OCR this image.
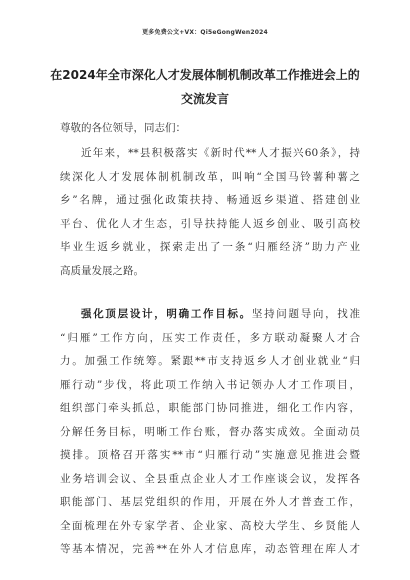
更多免费公文+VX：Qi5eGongWen2024
在2024年全市深化人才发展体制机制改革工作推进会上的
交流发言
尊敬的各位领导，同志们：
近年来，**县积极落实《新时代**人才振兴60条》，持
续深化人才发展体制机制改革，叫响“全国马铃薯种薯之
乡”名牌，通过强化政策扶持、畅通返乡渠道、搭建创业
平台、优化人才生态，引导扶持能人返乡创业、吸引高校
毕业生返乡就业，探索走出了一条“归雁经济”助力产业
高质量发展之路。
强化顶层设计，明确工作目标。坚持问题导向，找准
“归雁”工作方向，压实工作责任，多方联动凝聚人才合
力。加强工作统筹。紧跟**市支持返乡人才创业就业“归
雁行动”步伐，将此项工作纳入书记领办人才工作项目，
组织部门牵头抓总，职能部门协同推进，细化工作内容，
分解任务目标，明晰工作台账，督办落实成效。全面动员
摸排。顶格召开落实**市“归雁行动”实施意见推进会暨
业务培训会议、全县重点企业人才工作座谈会议，发挥各
职能部门、基层党组织的作用，开展在外人才普查工作，
全面梳理在外专家学者、企业家、高校大学生、乡贤能人
等基本情况，完善**在外人才信息库，动态管理在库人才
